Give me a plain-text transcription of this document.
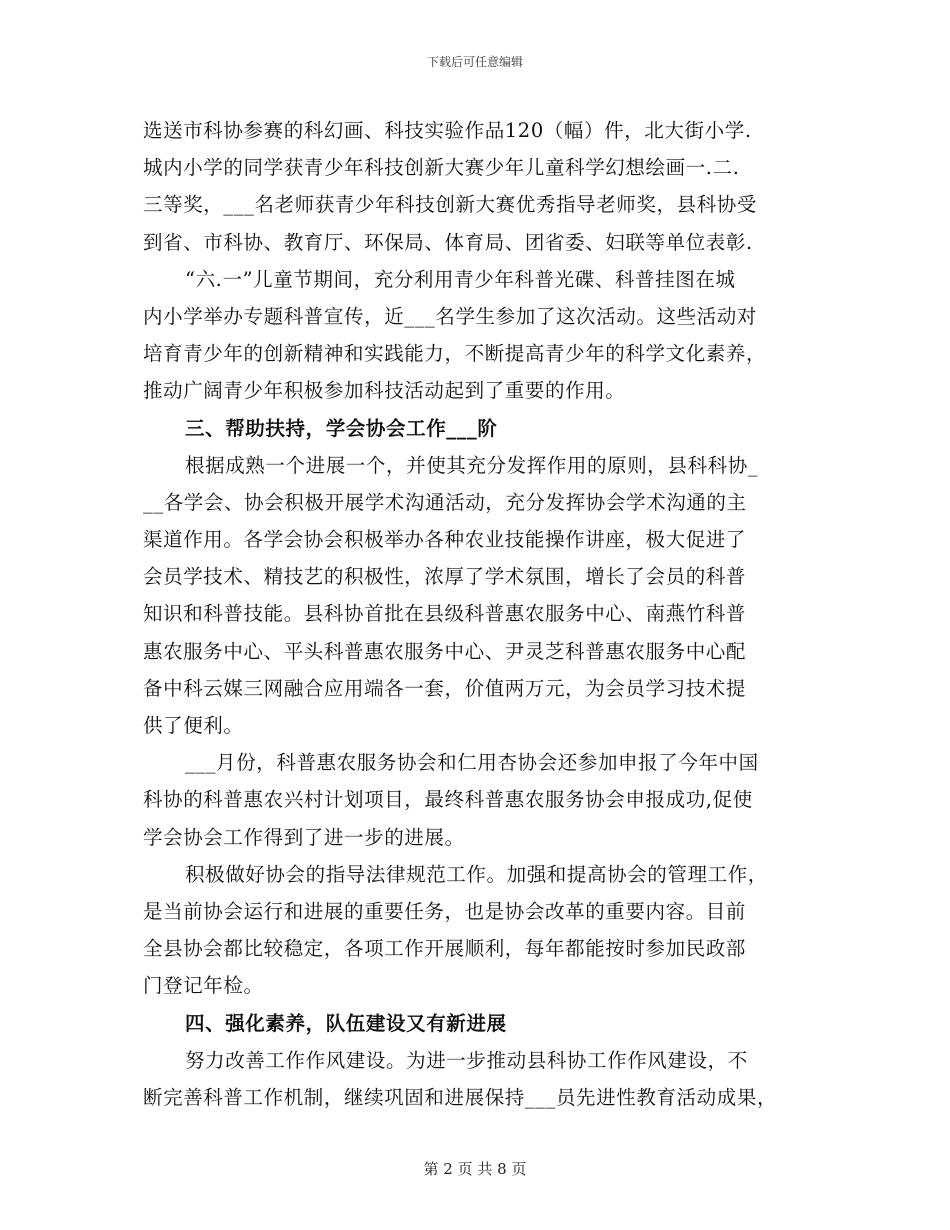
下载后可任意编辑
选送市科协参赛的科幻画、科技实验作品120（幅）件，北大街小学.
城内小学的同学获青少年科技创新大赛少年儿童科学幻想绘画一.二.
三等奖，___名老师获青少年科技创新大赛优秀指导老师奖，县科协受
到省、市科协、教育厅、环保局、体育局、团省委、妇联等单位表彰.
“六.一”儿童节期间，充分利用青少年科普光碟、科普挂图在城
内小学举办专题科普宣传，近___名学生参加了这次活动。这些活动对
培育青少年的创新精神和实践能力，不断提高青少年的科学文化素养，
推动广阔青少年积极参加科技活动起到了重要的作用。
三、帮助扶持，学会协会工作___阶
根据成熟一个进展一个，并使其充分发挥作用的原则，县科科协_
__各学会、协会积极开展学术沟通活动，充分发挥协会学术沟通的主
渠道作用。各学会协会积极举办各种农业技能操作讲座，极大促进了
会员学技术、精技艺的积极性，浓厚了学术氛围，增长了会员的科普
知识和科普技能。县科协首批在县级科普惠农服务中心、南燕竹科普
惠农服务中心、平头科普惠农服务中心、尹灵芝科普惠农服务中心配
备中科云媒三网融合应用端各一套，价值两万元，为会员学习技术提
供了便利。
___月份，科普惠农服务协会和仁用杏协会还参加申报了今年中国
科协的科普惠农兴村计划项目，最终科普惠农服务协会申报成功,促使
学会协会工作得到了进一步的进展。
积极做好协会的指导法律规范工作。加强和提高协会的管理工作，
是当前协会运行和进展的重要任务，也是协会改革的重要内容。目前
全县协会都比较稳定，各项工作开展顺利，每年都能按时参加民政部
门登记年检。
四、强化素养，队伍建设又有新进展
努力改善工作作风建设。为进一步推动县科协工作作风建设，不
断完善科普工作机制，继续巩固和进展保持___员先进性教育活动成果，
第 2 页 共 8 页
